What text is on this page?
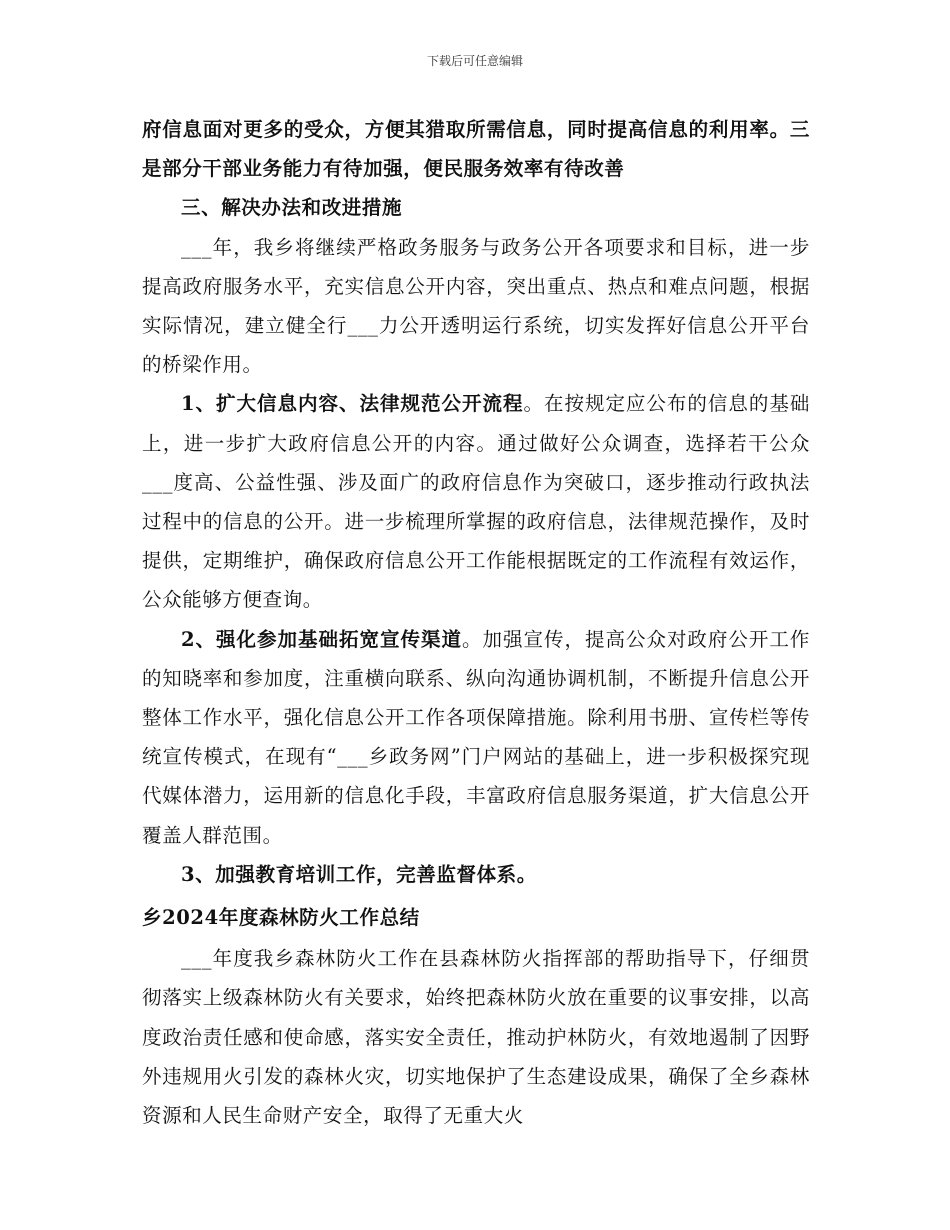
下载后可任意编辑

府信息面对更多的受众，方便其猎取所需信息，同时提高信息的利用率。三是部分干部业务能力有待加强，便民服务效率有待改善

三、解决办法和改进措施

___年，我乡将继续严格政务服务与政务公开各项要求和目标，进一步提高政府服务水平，充实信息公开内容，突出重点、热点和难点问题，根据实际情况，建立健全行___力公开透明运行系统，切实发挥好信息公开平台的桥梁作用。

1、扩大信息内容、法律规范公开流程。在按规定应公布的信息的基础上，进一步扩大政府信息公开的内容。通过做好公众调查，选择若干公众___度高、公益性强、涉及面广的政府信息作为突破口，逐步推动行政执法过程中的信息的公开。进一步梳理所掌握的政府信息，法律规范操作，及时提供，定期维护，确保政府信息公开工作能根据既定的工作流程有效运作，公众能够方便查询。

2、强化参加基础拓宽宣传渠道。加强宣传，提高公众对政府公开工作的知晓率和参加度，注重横向联系、纵向沟通协调机制，不断提升信息公开整体工作水平，强化信息公开工作各项保障措施。除利用书册、宣传栏等传统宣传模式，在现有“___乡政务网”门户网站的基础上，进一步积极探究现代媒体潜力，运用新的信息化手段，丰富政府信息服务渠道，扩大信息公开覆盖人群范围。

3、加强教育培训工作，完善监督体系。

乡2024年度森林防火工作总结

___年度我乡森林防火工作在县森林防火指挥部的帮助指导下，仔细贯彻落实上级森林防火有关要求，始终把森林防火放在重要的议事安排，以高度政治责任感和使命感，落实安全责任，推动护林防火，有效地遏制了因野外违规用火引发的森林火灾，切实地保护了生态建设成果，确保了全乡森林资源和人民生命财产安全，取得了无重大火
